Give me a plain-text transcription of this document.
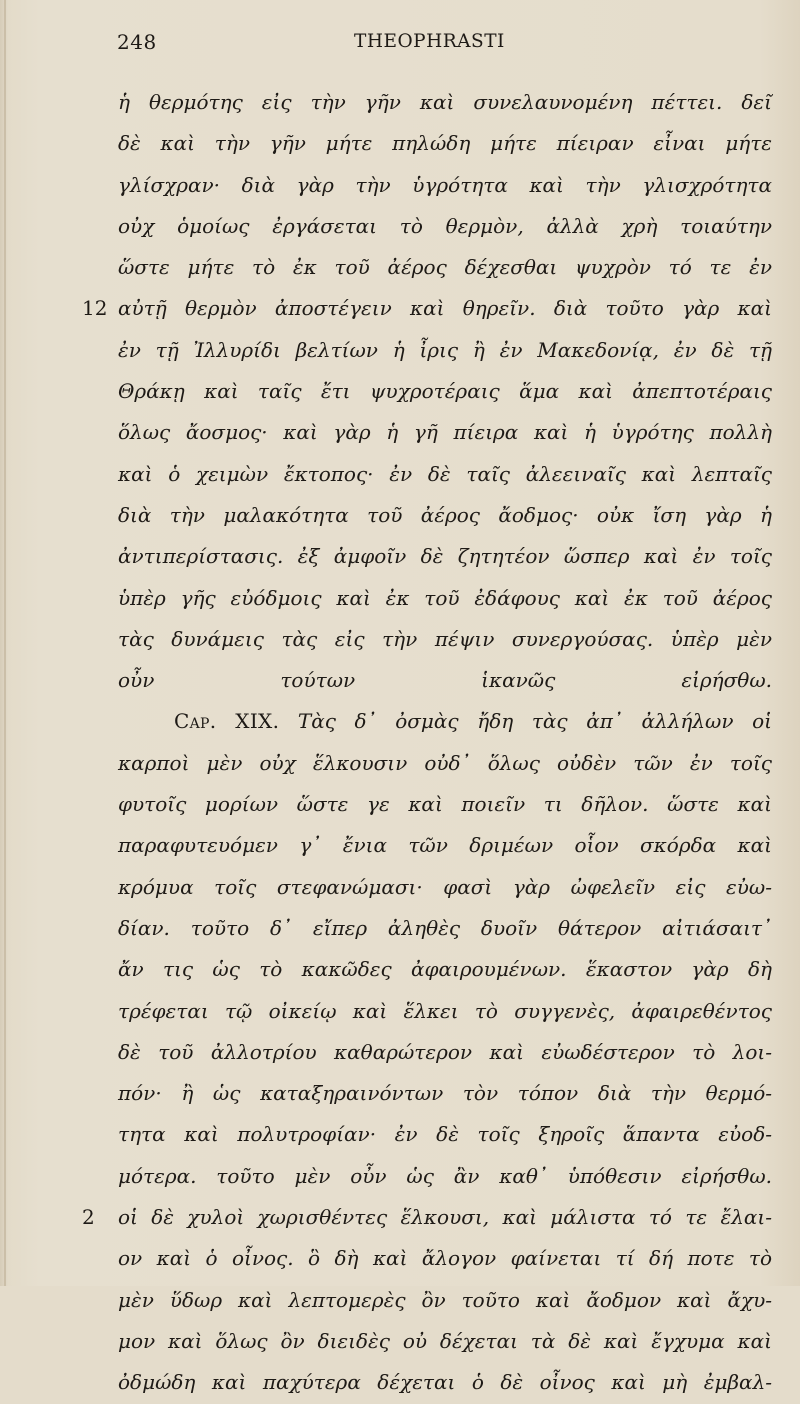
248	THEOPHRASTI
ἡ θερμότης εἰς τὴν γῆν καὶ συνελαυνομένη πέττει. δεῖ
δὲ καὶ τὴν γῆν μήτε πηλώδη μήτε πίειραν εἶναι μήτε
γλίσχραν· διὰ γὰρ τὴν ὑγρότητα καὶ τὴν γλισχρότητα
οὐχ ὁμοίως ἐργάσεται τὸ θερμὸν, ἀλλὰ χρὴ τοιαύτην
ὥστε μήτε τὸ ἐκ τοῦ ἀέρος δέχεσθαι ψυχρὸν τό τε ἐν
12 αὐτῇ θερμὸν ἀποστέγειν καὶ θηρεῖν. διὰ τοῦτο γὰρ καὶ
ἐν τῇ Ἰλλυρίδι βελτίων ἡ ἶρις ἢ ἐν Μακεδονίᾳ, ἐν δὲ τῇ
Θράκῃ καὶ ταῖς ἔτι ψυχροτέραις ἅμα καὶ ἀπεπτοτέραις
ὅλως ἄοσμος· καὶ γὰρ ἡ γῆ πίειρα καὶ ἡ ὑγρότης πολλὴ
καὶ ὁ χειμὼν ἔκτοπος· ἐν δὲ ταῖς ἀλεειναῖς καὶ λεπταῖς
διὰ τὴν μαλακότητα τοῦ ἀέρος ἄοδμος· οὐκ ἴση γὰρ ἡ
ἀντιπερίστασις. ἐξ ἀμφοῖν δὲ ζητητέον ὥσπερ καὶ ἐν τοῖς
ὑπὲρ γῆς εὐόδμοις καὶ ἐκ τοῦ ἐδάφους καὶ ἐκ τοῦ ἀέρος
τὰς δυνάμεις τὰς εἰς τὴν πέψιν συνεργούσας. ὑπὲρ μὲν
οὖν τούτων ἱκανῶς εἰρήσθω.
Cap. XIX. Τὰς δ᾽ ὀσμὰς ἤδη τὰς ἀπ᾽ ἀλλήλων οἱ
καρποὶ μὲν οὐχ ἕλκουσιν οὐδ᾽ ὅλως οὐδὲν τῶν ἐν τοῖς
φυτοῖς μορίων ὥστε γε καὶ ποιεῖν τι δῆλον. ὥστε καὶ
παραφυτευόμεν γ᾽ ἔνια τῶν δριμέων οἷον σκόρδα καὶ
κρόμυα τοῖς στεφανώμασι· φασὶ γὰρ ὠφελεῖν εἰς εὐω-
δίαν. τοῦτο δ᾽ εἴπερ ἀληθὲς δυοῖν θάτερον αἰτιάσαιτ᾽
ἄν τις ὡς τὸ κακῶδες ἀφαιρουμένων. ἕκαστον γὰρ δὴ
τρέφεται τῷ οἰκείῳ καὶ ἕλκει τὸ συγγενὲς, ἀφαιρεθέντος
δὲ τοῦ ἀλλοτρίου καθαρώτερον καὶ εὐωδέστερον τὸ λοι-
πόν· ἢ ὡς καταξηραινόντων τὸν τόπον διὰ τὴν θερμό-
τητα καὶ πολυτροφίαν· ἐν δὲ τοῖς ξηροῖς ἅπαντα εὐοδ-
μότερα. τοῦτο μὲν οὖν ὡς ἂν καθ᾽ ὑπόθεσιν εἰρήσθω.
2 οἱ δὲ χυλοὶ χωρισθέντες ἕλκουσι, καὶ μάλιστα τό τε ἔλαι-
ον καὶ ὁ οἶνος. ὃ δὴ καὶ ἄλογον φαίνεται τί δή ποτε τὸ
μὲν ὕδωρ καὶ λεπτομερὲς ὂν τοῦτο καὶ ἄοδμον καὶ ἄχυ-
μον καὶ ὅλως ὂν διειδὲς οὐ δέχεται τὰ δὲ καὶ ἔγχυμα καὶ
ὀδμώδη καὶ παχύτερα δέχεται ὁ δὲ οἶνος καὶ μὴ ἐμβαλ-
